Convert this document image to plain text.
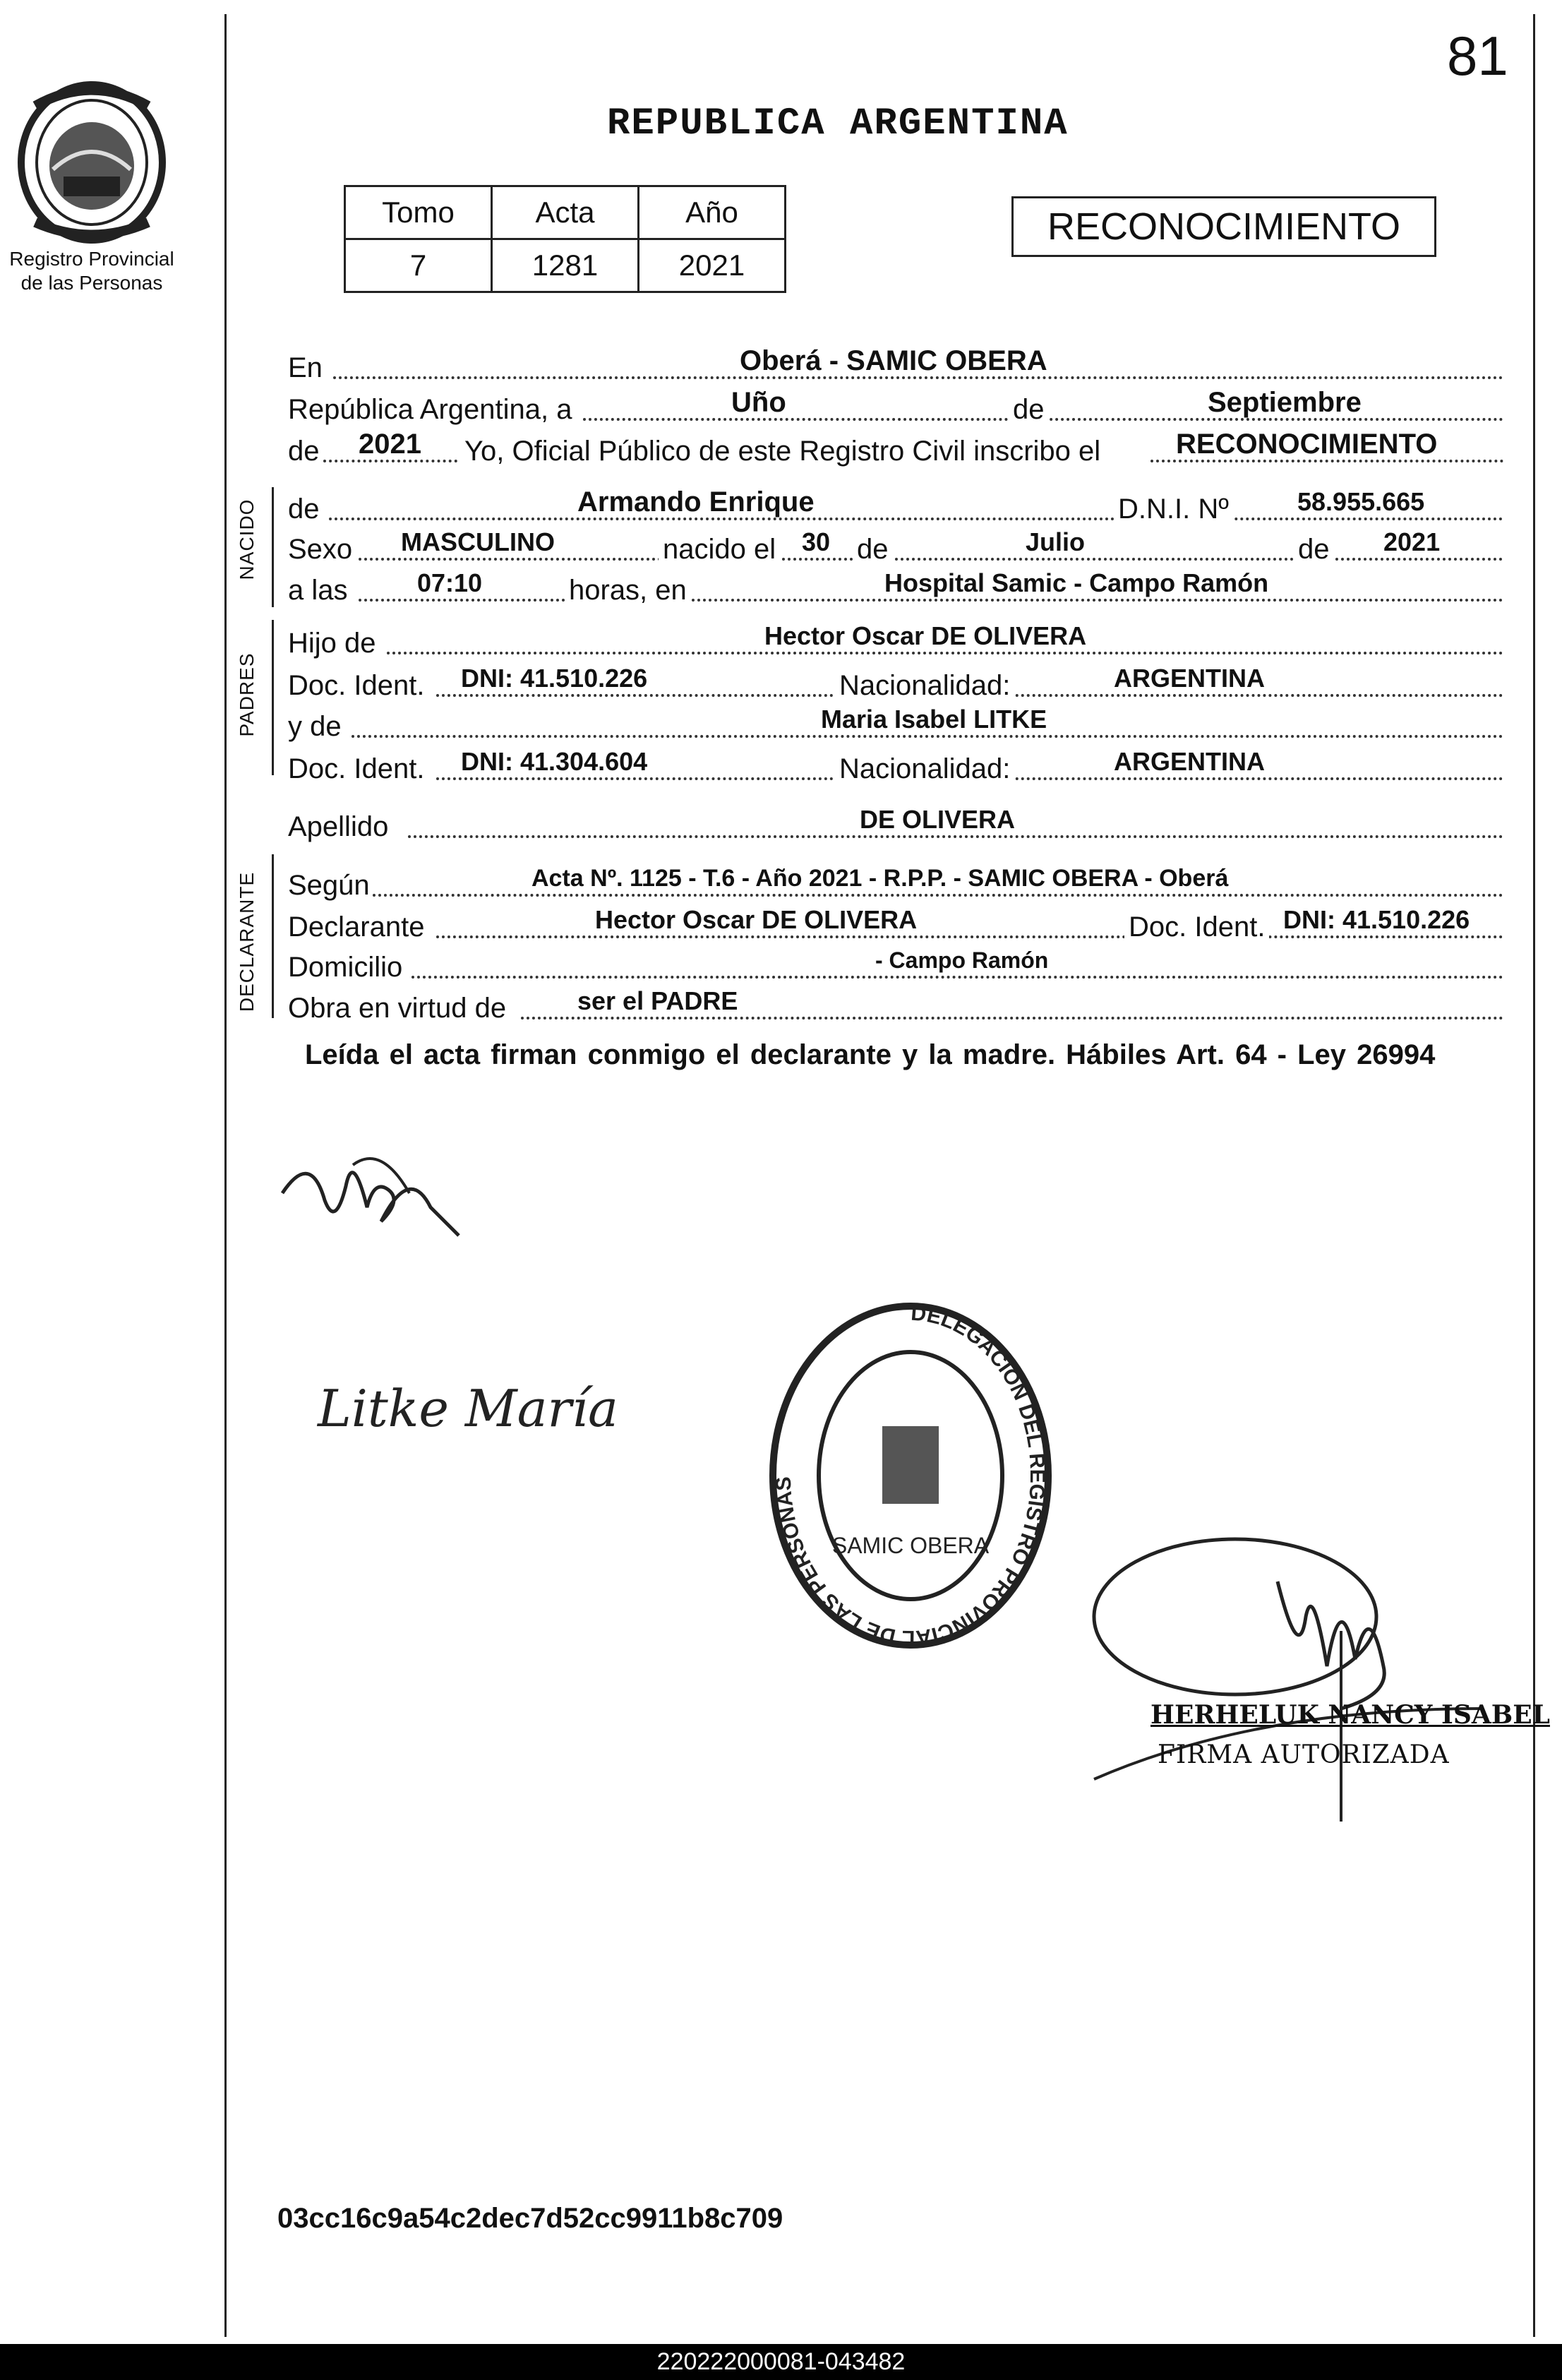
81
Registro Provincial
de las Personas
REPUBLICA ARGENTINA
Tomo	Acta	Año
7	1281	2021
RECONOCIMIENTO
En	Oberá - SAMIC OBERA
República Argentina, a	Uño	de	Septiembre
de 2021 Yo, Oficial Público de este Registro Civil inscribo el	RECONOCIMIENTO
NACIDO
PADRES
DECLARANTE
de	Armando Enrique	D.N.I. Nº	58.955.665
Sexo MASCULINO	nacido el 30 de	Julio	de 2021
a las	07:10	horas, en	Hospital Samic - Campo Ramón
Hijo de	Hector Oscar DE OLIVERA
Doc. Ident. DNI: 41.510.226	Nacionalidad:	ARGENTINA
y de	Maria Isabel LITKE
Doc. Ident. DNI: 41.304.604	Nacionalidad:	ARGENTINA
Apellido	DE OLIVERA
Según	Acta Nº. 1125 - T.6 - Año 2021 - R.P.P. - SAMIC OBERA - Oberá
Declarante	Hector Oscar DE OLIVERA	Doc. Ident. DNI: 41.510.226
Domicilio	- Campo Ramón
Obra en virtud de	ser el PADRE
Leída el acta firman conmigo el declarante y la madre. Hábiles Art. 64 - Ley 26994
Litke María
DELEGACIÓN DEL REGISTRO PROVINCIAL DE LAS PERSONAS
SAMIC OBERA
HERHELUK NANCY ISABEL
FIRMA AUTORIZADA
03cc16c9a54c2dec7d52cc9911b8c709
220222000081-043482
